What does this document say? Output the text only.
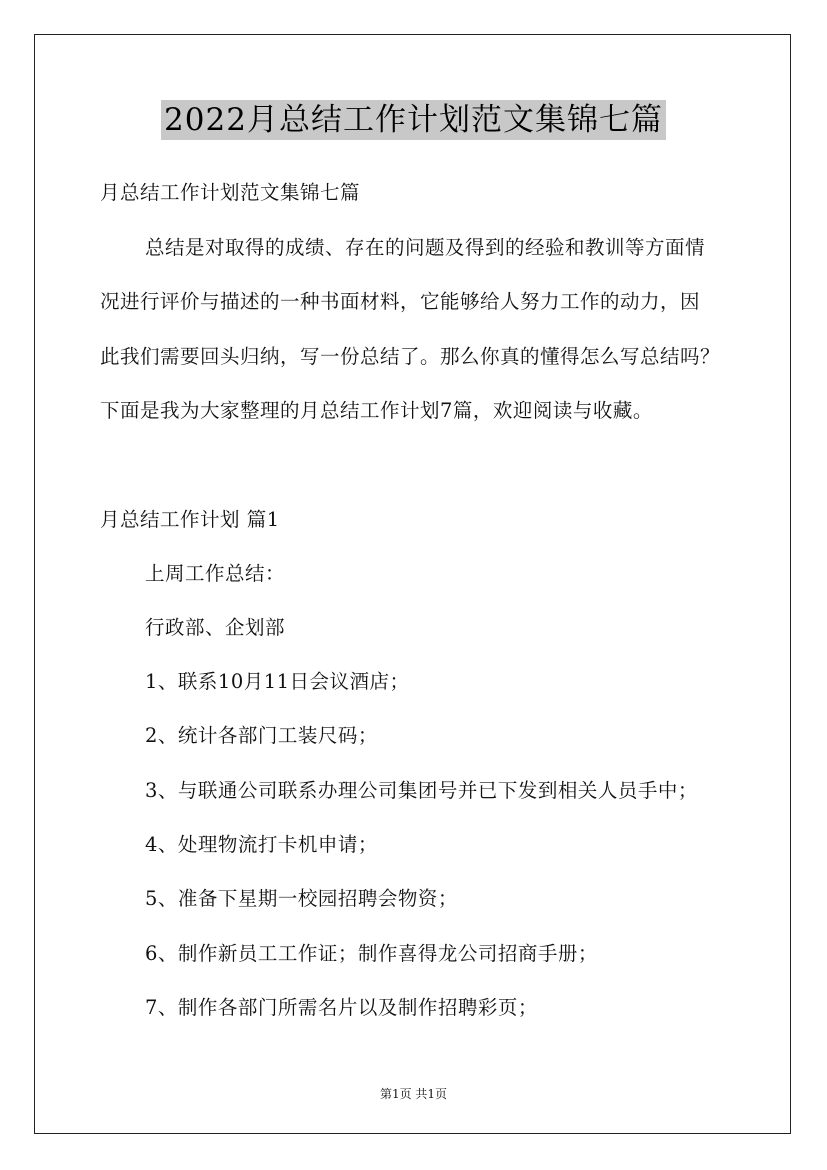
2022月总结工作计划范文集锦七篇
月总结工作计划范文集锦七篇
总结是对取得的成绩、存在的问题及得到的经验和教训等方面情
况进行评价与描述的一种书面材料，它能够给人努力工作的动力，因
此我们需要回头归纳，写一份总结了。那么你真的懂得怎么写总结吗？
下面是我为大家整理的月总结工作计划7篇，欢迎阅读与收藏。
月总结工作计划 篇1
上周工作总结：
行政部、企划部
1、联系10月11日会议酒店；
2、统计各部门工装尺码；
3、与联通公司联系办理公司集团号并已下发到相关人员手中；
4、处理物流打卡机申请；
5、准备下星期一校园招聘会物资；
6、制作新员工工作证；制作喜得龙公司招商手册；
7、制作各部门所需名片以及制作招聘彩页；
第1页 共1页
